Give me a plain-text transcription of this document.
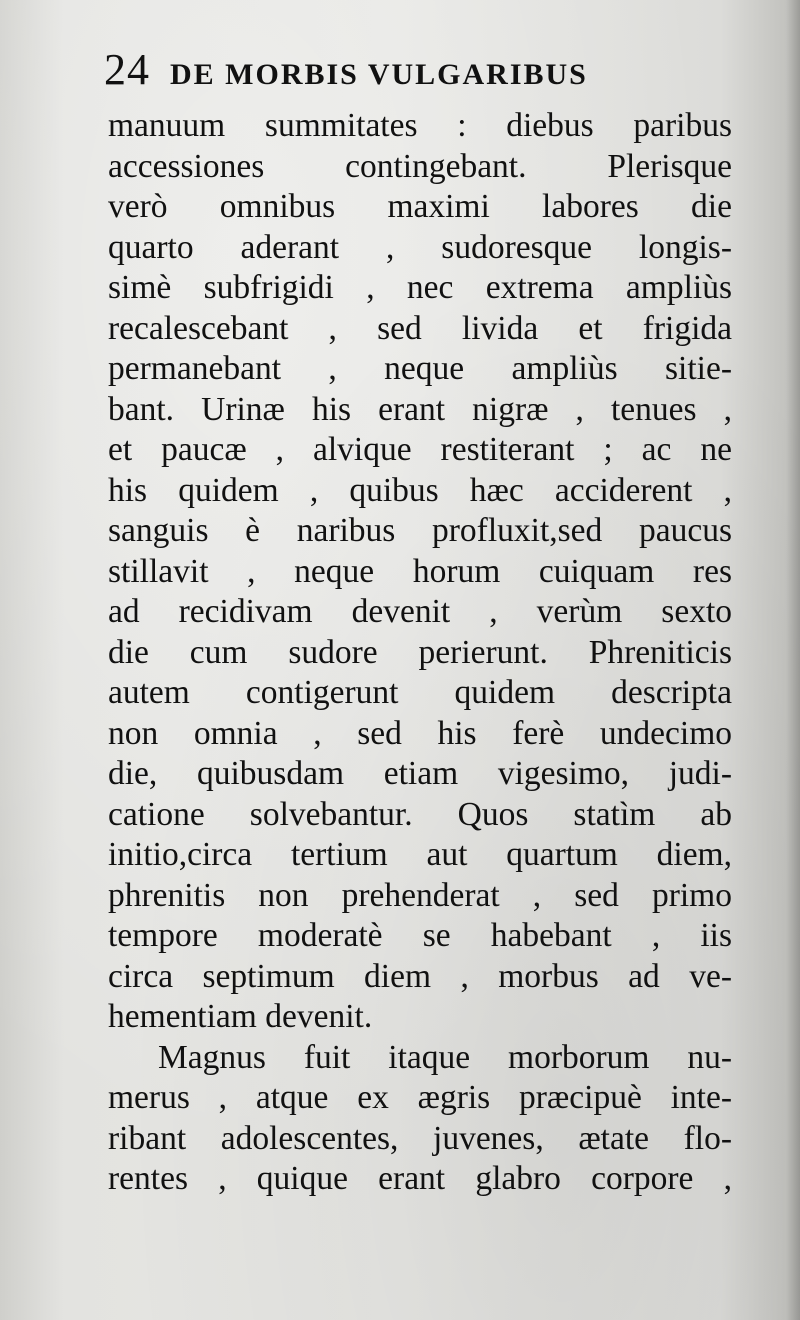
24 DE MORBIS VULGARIBUS
manuum summitates : diebus paribus
accessiones contingebant. Plerisque
verò omnibus maximi labores die
quarto aderant , sudoresque longis-
simè subfrigidi , nec extrema ampliùs
recalescebant , sed livida et frigida
permanebant , neque ampliùs sitie-
bant. Urinæ his erant nigræ , tenues ,
et paucæ , alvique restiterant ; ac ne
his quidem , quibus hæc acciderent ,
sanguis è naribus profluxit,sed paucus
stillavit , neque horum cuiquam res
ad recidivam devenit , verùm sexto
die cum sudore perierunt. Phreniticis
autem contigerunt quidem descripta
non omnia , sed his ferè undecimo
die, quibusdam etiam vigesimo, judi-
catione solvebantur. Quos statìm ab
initio,circa tertium aut quartum diem,
phrenitis non prehenderat , sed primo
tempore moderatè se habebant , iis
circa septimum diem , morbus ad ve-
hementiam devenit.
Magnus fuit itaque morborum nu-
merus , atque ex ægris præcipuè inte-
ribant adolescentes, juvenes, ætate flo-
rentes , quique erant glabro corpore ,
